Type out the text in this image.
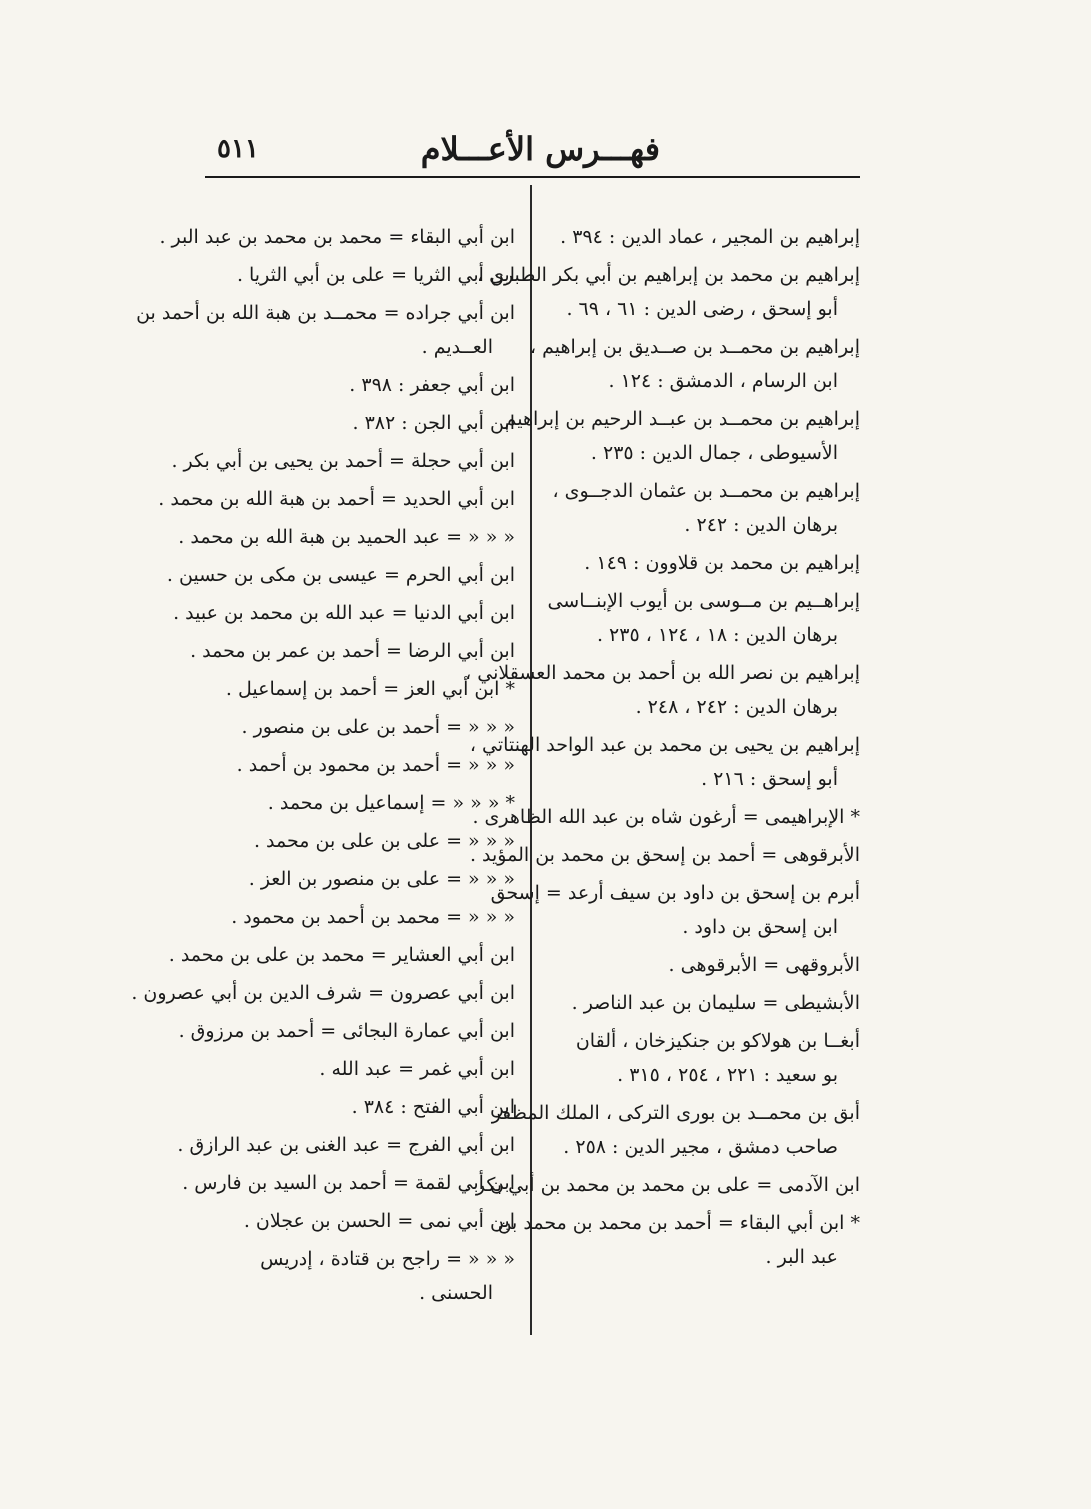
فهـــرس الأعـــلام
٥١١
إبراهيم بن المجير ، عماد الدين : ٣٩٤ .
إبراهيم بن محمد بن إبراهيم بن أبي بكر الطبري ،
أبو إسحق ، رضى الدين : ٦١ ، ٦٩ .
إبراهيم بن محمــد بن صــديق بن إبراهيم ،
ابن الرسام ، الدمشق : ١٢٤ .
إبراهيم بن محمــد بن عبــد الرحيم بن إبراهيم
الأسيوطى ، جمال الدين : ٢٣٥ .
إبراهيم بن محمــد بن عثمان الدجــوى ،
برهان الدين : ٢٤٢ .
إبراهيم بن محمد بن قلاوون : ١٤٩ .
إبراهــيم بن مــوسى بن أيوب الإبنــاسى
برهان الدين : ١٨ ، ١٢٤ ، ٢٣٥ .
إبراهيم بن نصر الله بن أحمد بن محمد العسقلاني ،
برهان الدين : ٢٤٢ ، ٢٤٨ .
إبراهيم بن يحيى بن محمد بن عبد الواحد الهنتاتي ،
أبو إسحق : ٢١٦ .
* الإبراهيمى = أرغون شاه بن عبد الله الظاهرى .
الأبرقوهى = أحمد بن إسحق بن محمد بن المؤيد .
أبرم بن إسحق بن داود بن سيف أرعد = إسحق
ابن إسحق بن داود .
الأبروقهى = الأبرقوهى .
الأبشيطى = سليمان بن عبد الناصر .
أبغــا بن هولاكو بن جنكيزخان ، ألقان
بو سعيد : ٢٢١ ، ٢٥٤ ، ٣١٥ .
أبق بن محمــد بن بورى التركى ، الملك المظفر
صاحب دمشق ، مجير الدين : ٢٥٨ .
ابن الآدمى = على بن محمد بن محمد بن أبي بكر .
* ابن أبي البقاء = أحمد بن محمد بن محمد بن
عبد البر .
ابن أبي البقاء = محمد بن محمد بن عبد البر .
ابن أبي الثريا = على بن أبي الثريا .
ابن أبي جراده = محمــد بن هبة الله بن أحمد بن
العــديم .
ابن أبي جعفر : ٣٩٨ .
ابن أبي الجن : ٣٨٢ .
ابن أبي حجلة = أحمد بن يحيى بن أبي بكر .
ابن أبي الحديد = أحمد بن هبة الله بن محمد .
« « « = عبد الحميد بن هبة الله بن محمد .
ابن أبي الحرم = عيسى بن مكى بن حسين .
ابن أبي الدنيا = عبد الله بن محمد بن عبيد .
ابن أبي الرضا = أحمد بن عمر بن محمد .
* ابن أبي العز = أحمد بن إسماعيل .
« « « = أحمد بن على بن منصور .
« « « = أحمد بن محمود بن أحمد .
* « « « = إسماعيل بن محمد .
« « « = على بن على بن محمد .
« « « = على بن منصور بن العز .
« « « = محمد بن أحمد بن محمود .
ابن أبي العشاير = محمد بن على بن محمد .
ابن أبي عصرون = شرف الدين بن أبي عصرون .
ابن أبي عمارة البجائى = أحمد بن مرزوق .
ابن أبي غمر = عبد الله .
ابن أبي الفتح : ٣٨٤ .
ابن أبي الفرج = عبد الغنى بن عبد الرازق .
ابن أبي لقمة = أحمد بن السيد بن فارس .
ابن أبي نمى = الحسن بن عجلان .
« « « = راجح بن قتادة ، إدريس
الحسنى .
